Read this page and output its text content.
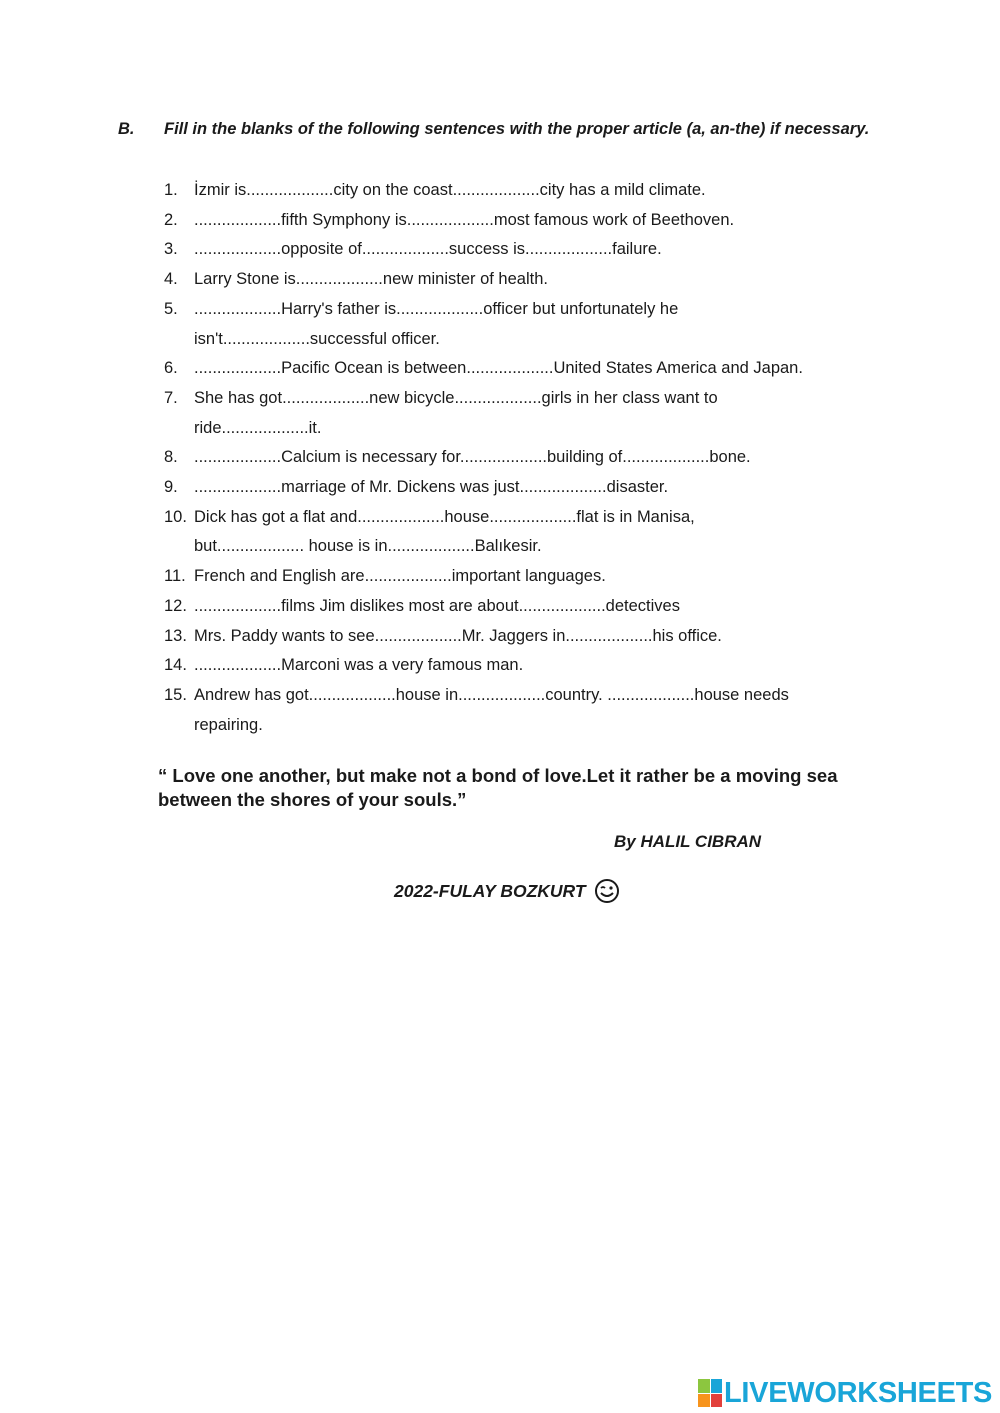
B. Fill in the blanks of the following sentences with the proper article (a, an-the) if necessary.
1. İzmir is...................city on the coast...................city has a mild climate.
2. ...................fifth Symphony is...................most famous work of Beethoven.
3. ...................opposite of...................success is...................failure.
4. Larry Stone is...................new minister of health.
5. ...................Harry's father is...................officer but unfortunately he
isn't...................successful officer.
6. ...................Pacific Ocean is between...................United States America and Japan.
7. She has got...................new bicycle...................girls in her class want to
ride...................it.
8. ...................Calcium is necessary for...................building of...................bone.
9. ...................marriage of Mr. Dickens was just...................disaster.
10. Dick has got a flat and...................house...................flat is in Manisa,
but................... house is in...................Balıkesir.
11. French and English are...................important languages.
12. ...................films Jim dislikes most are about...................detectives
13. Mrs. Paddy wants to see...................Mr. Jaggers in...................his office.
14. ...................Marconi was a very famous man.
15. Andrew has got...................house in...................country. ...................house needs
repairing.
“ Love one another, but make not a bond of love.Let it rather be a moving sea between the shores of your souls.”
By HALIL CIBRAN
2022-FULAY BOZKURT
LIVEWORKSHEETS
